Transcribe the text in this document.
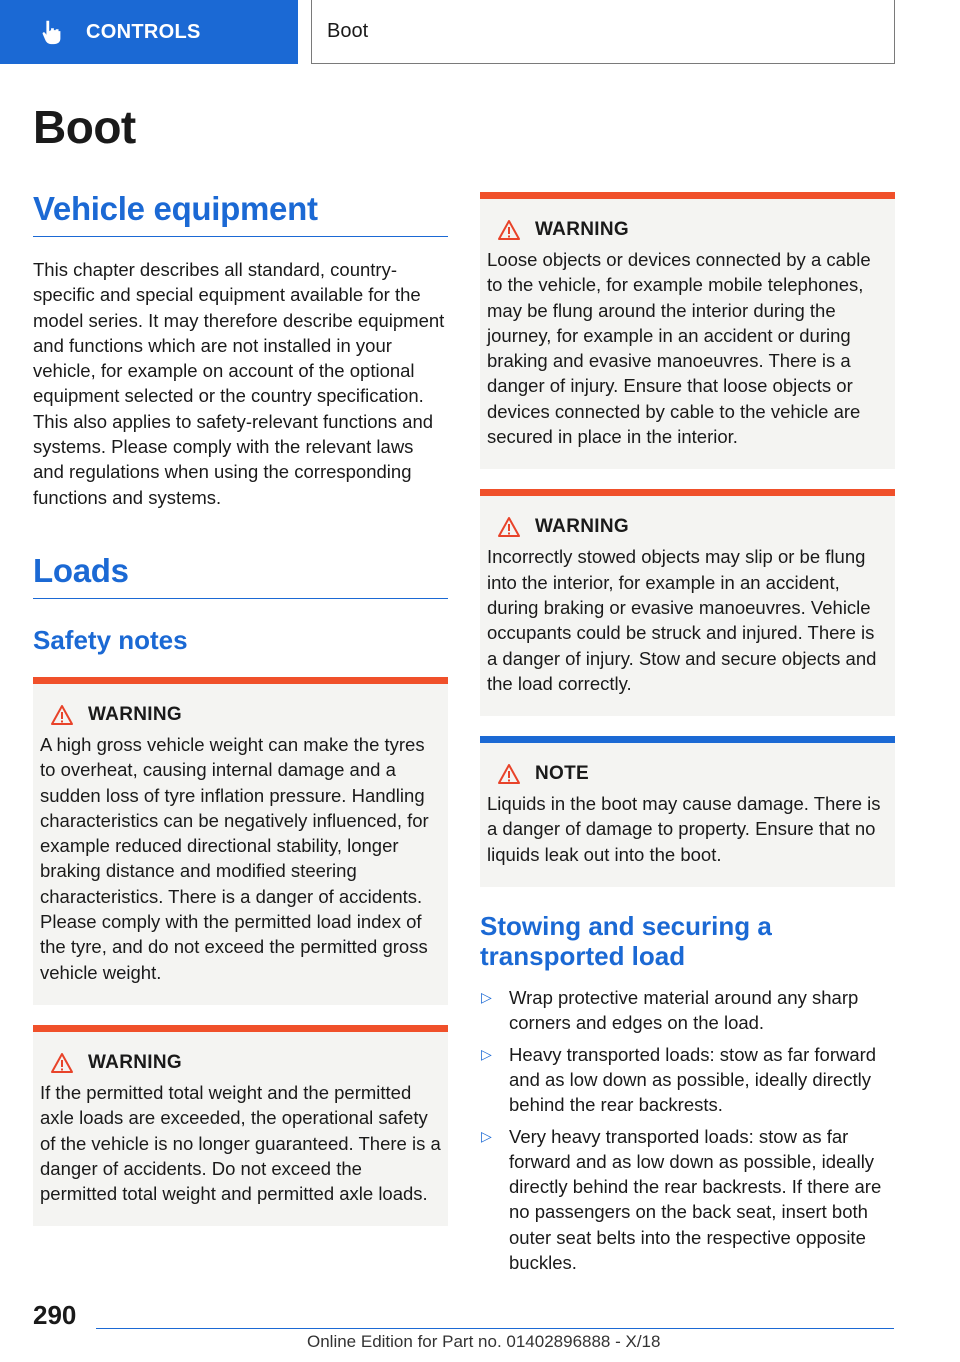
CONTROLS	Boot
Boot
Vehicle equipment
This chapter describes all standard, country-specific and special equipment available for the model series. It may therefore describe equipment and functions which are not installed in your vehicle, for example on account of the optional equipment selected or the country specification. This also applies to safety-relevant functions and systems. Please comply with the relevant laws and regulations when using the corresponding functions and systems.
Loads
Safety notes
WARNING

A high gross vehicle weight can make the tyres to overheat, causing internal damage and a sudden loss of tyre inflation pressure. Handling characteristics can be negatively influenced, for example reduced directional stability, longer braking distance and modified steering characteristics. There is a danger of accidents. Please comply with the permitted load index of the tyre, and do not exceed the permitted gross vehicle weight.

WARNING

If the permitted total weight and the permitted axle loads are exceeded, the operational safety of the vehicle is no longer guaranteed. There is a danger of accidents. Do not exceed the permitted total weight and permitted axle loads.

WARNING

Loose objects or devices connected by a cable to the vehicle, for example mobile telephones, may be flung around the interior during the journey, for example in an accident or during braking and evasive manoeuvres. There is a danger of injury. Ensure that loose objects or devices connected by cable to the vehicle are secured in place in the interior.

WARNING

Incorrectly stowed objects may slip or be flung into the interior, for example in an accident, during braking or evasive manoeuvres. Vehicle occupants could be struck and injured. There is a danger of injury. Stow and secure objects and the load correctly.

NOTE

Liquids in the boot may cause damage. There is a danger of damage to property. Ensure that no liquids leak out into the boot.

Stowing and securing a transported load
▷ Wrap protective material around any sharp corners and edges on the load.
▷ Heavy transported loads: stow as far forward and as low down as possible, ideally directly behind the rear backrests.
▷ Very heavy transported loads: stow as far forward and as low down as possible, ideally directly behind the rear backrests. If there are no passengers on the back seat, insert both outer seat belts into the respective opposite buckles.
290
Online Edition for Part no. 01402896888 - X/18
